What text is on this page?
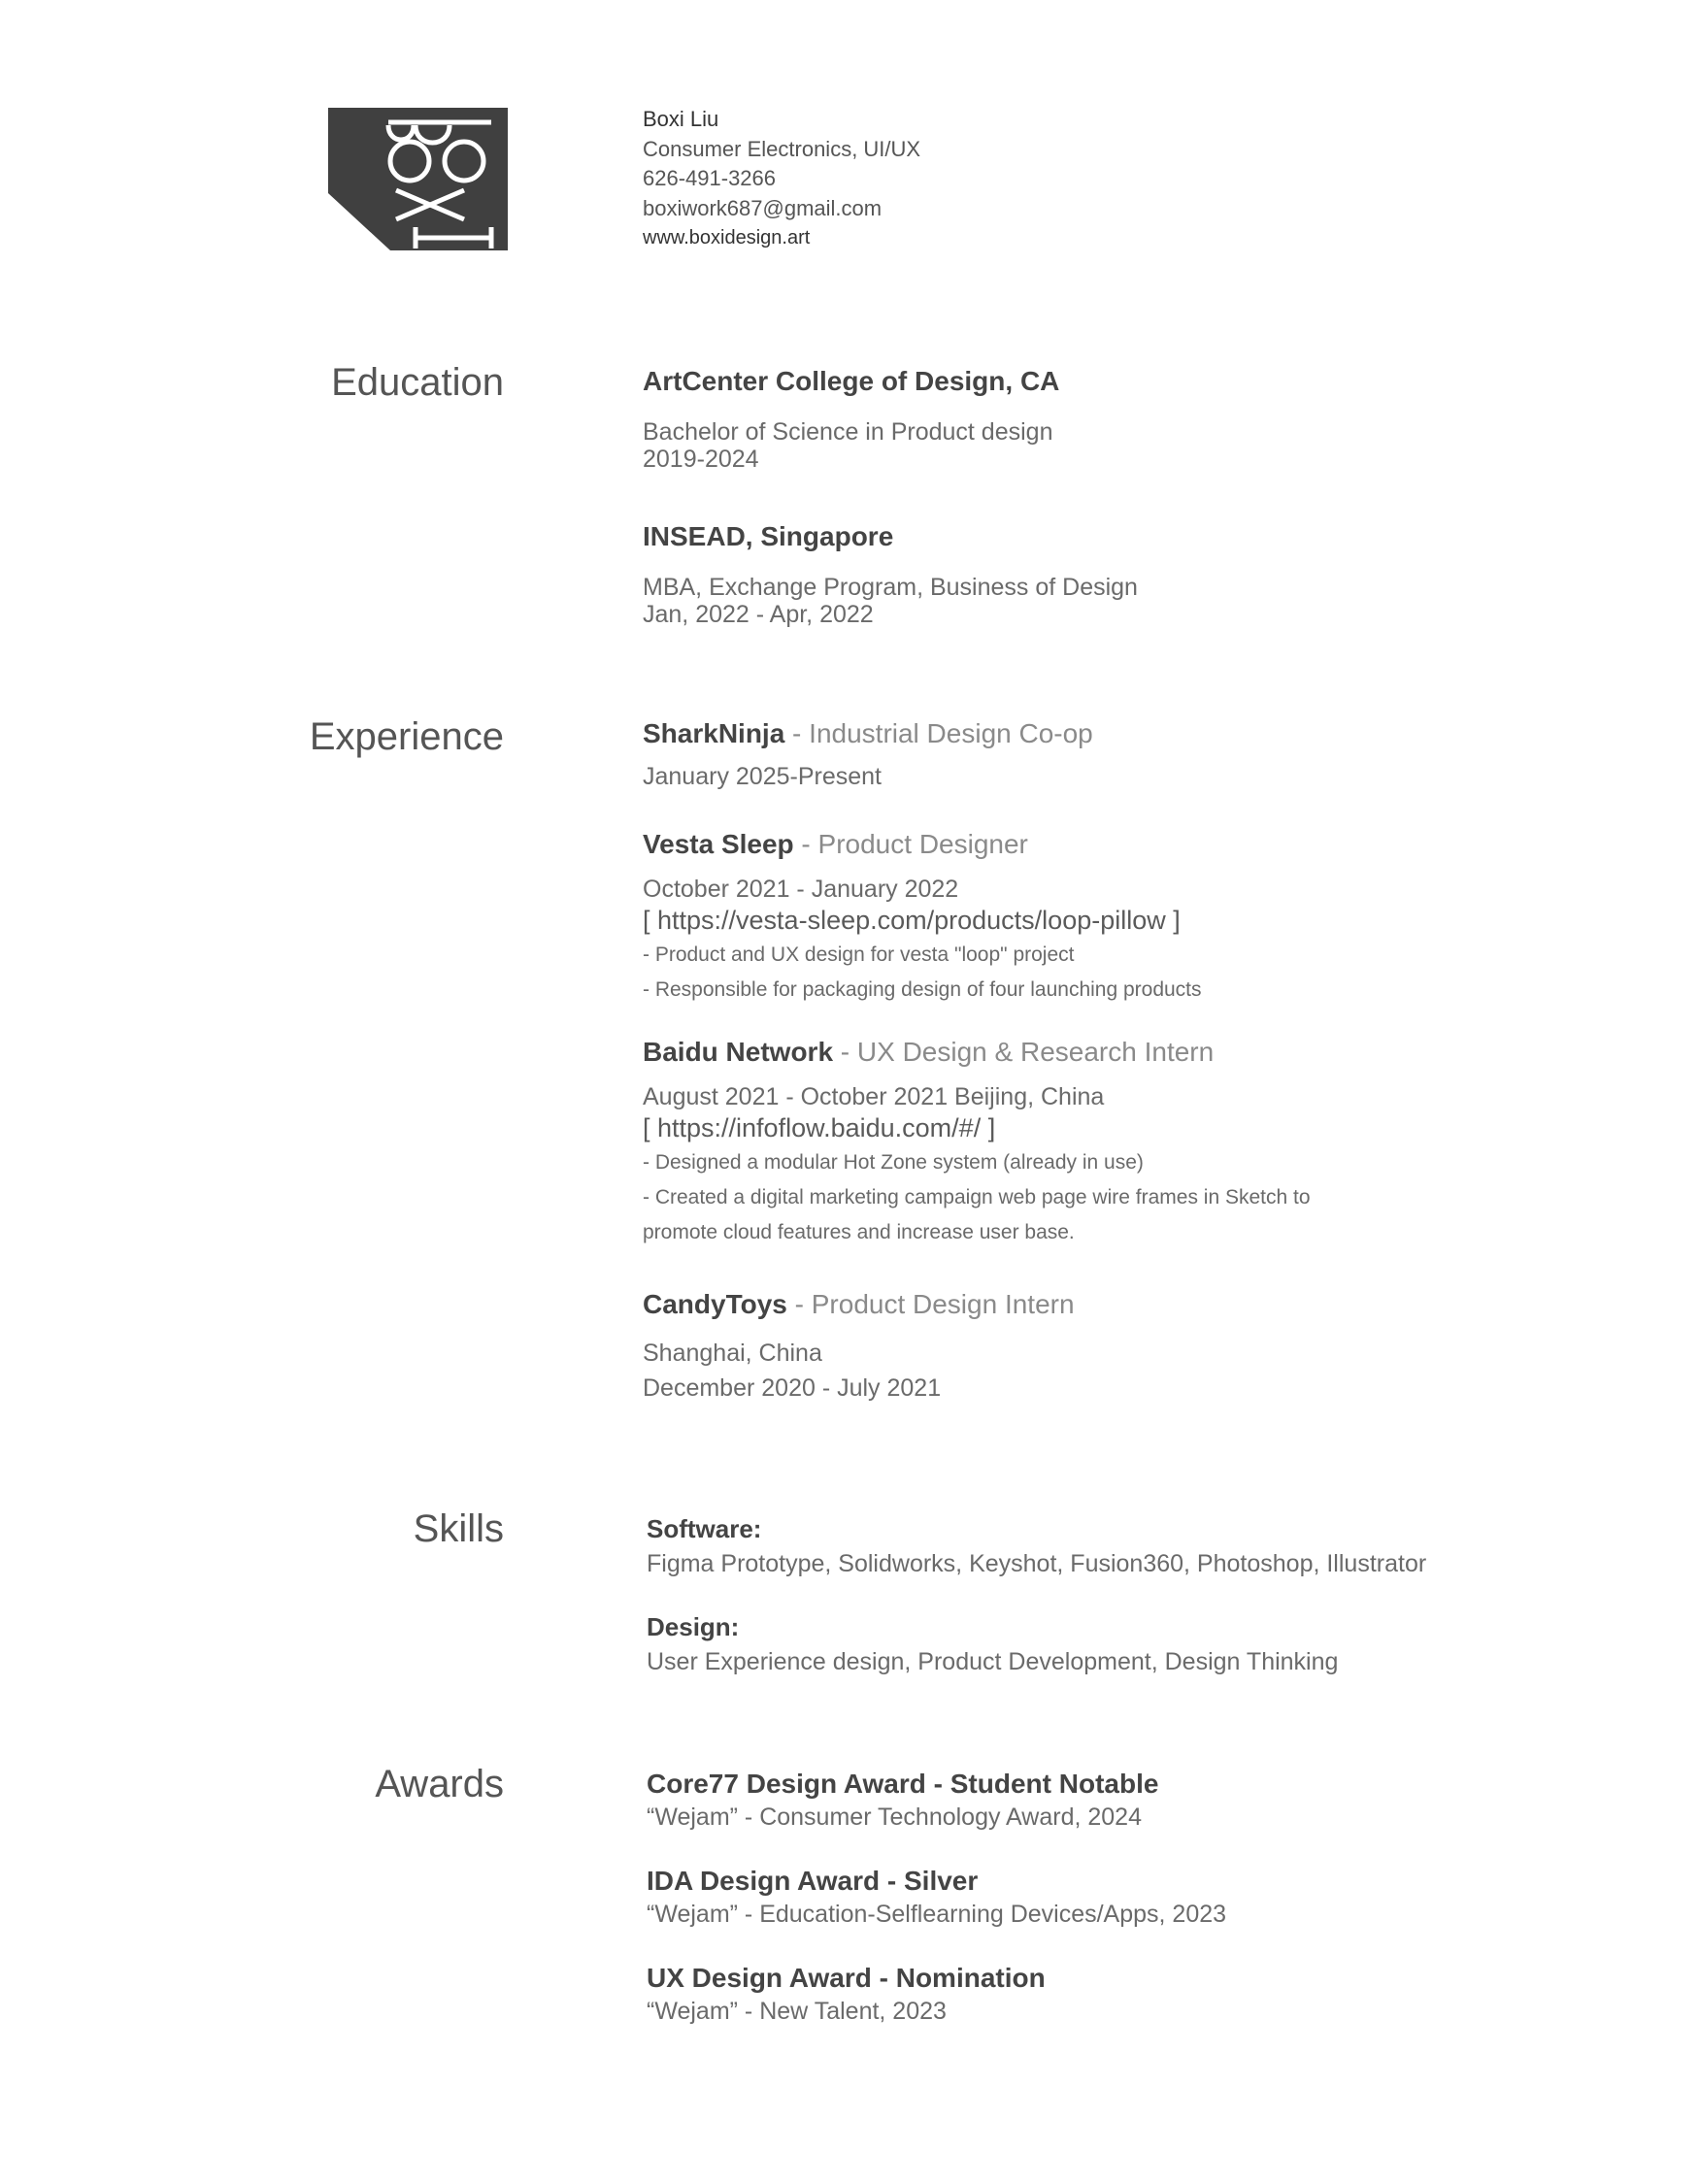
Boxi Liu
Consumer Electronics, UI/UX
626-491-3266
boxiwork687@gmail.com
www.boxidesign.art
Education	ArtCenter College of Design, CA
Bachelor of Science in Product design
2019-2024
INSEAD, Singapore
MBA, Exchange Program, Business of Design
Jan, 2022 - Apr, 2022
Experience	SharkNinja - Industrial Design Co-op
January 2025-Present
Vesta Sleep - Product Designer
October 2021 - January 2022
[ https://vesta-sleep.com/products/loop-pillow ]
- Product and UX design for vesta "loop" project
- Responsible for packaging design of four launching products
Baidu Network - UX Design & Research Intern
August 2021 - October 2021 Beijing, China
[ https://infoflow.baidu.com/#/ ]
- Designed a modular Hot Zone system (already in use)
- Created a digital marketing campaign web page wire frames in Sketch to
promote cloud features and increase user base.
CandyToys - Product Design Intern
Shanghai, China
December 2020 - July 2021
Skills	Software:
Figma Prototype, Solidworks, Keyshot, Fusion360, Photoshop, Illustrator
Design:
User Experience design, Product Development, Design Thinking
Awards	Core77 Design Award - Student Notable
“Wejam” - Consumer Technology Award, 2024
IDA Design Award - Silver
“Wejam” - Education-Selflearning Devices/Apps, 2023
UX Design Award - Nomination
“Wejam” - New Talent, 2023
